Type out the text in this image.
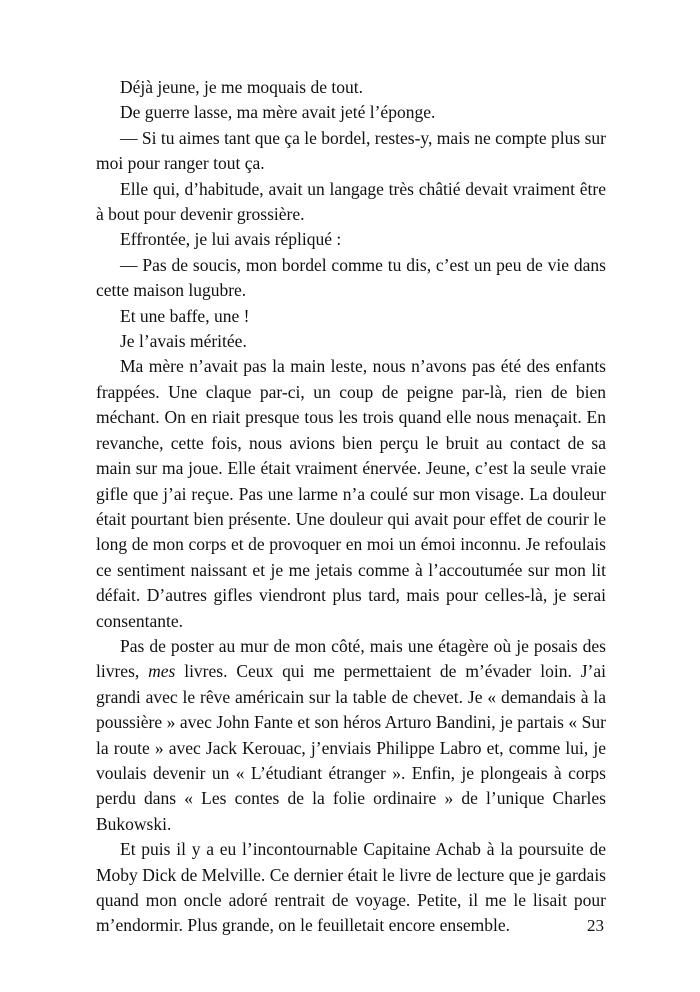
Déjà jeune, je me moquais de tout.

De guerre lasse, ma mère avait jeté l’éponge.

— Si tu aimes tant que ça le bordel, restes-y, mais ne compte plus sur moi pour ranger tout ça.

Elle qui, d’habitude, avait un langage très châtié devait vraiment être à bout pour devenir grossière.

Effrontée, je lui avais répliqué :

— Pas de soucis, mon bordel comme tu dis, c’est un peu de vie dans cette maison lugubre.

Et une baffe, une !

Je l’avais méritée.

Ma mère n’avait pas la main leste, nous n’avons pas été des enfants frappées. Une claque par-ci, un coup de peigne par-là, rien de bien méchant. On en riait presque tous les trois quand elle nous menaçait. En revanche, cette fois, nous avions bien perçu le bruit au contact de sa main sur ma joue. Elle était vraiment énervée. Jeune, c’est la seule vraie gifle que j’ai reçue. Pas une larme n’a coulé sur mon visage. La douleur était pourtant bien présente. Une douleur qui avait pour effet de courir le long de mon corps et de provoquer en moi un émoi inconnu. Je refoulais ce sentiment naissant et je me jetais comme à l’accoutumée sur mon lit défait. D’autres gifles viendront plus tard, mais pour celles-là, je serai consentante.

Pas de poster au mur de mon côté, mais une étagère où je posais des livres, mes livres. Ceux qui me permettaient de m’évader loin. J’ai grandi avec le rêve américain sur la table de chevet. Je « demandais à la poussière » avec John Fante et son héros Arturo Bandini, je partais « Sur la route » avec Jack Kerouac, j’enviais Philippe Labro et, comme lui, je voulais devenir un « L’étudiant étranger ». Enfin, je plongeais à corps perdu dans « Les contes de la folie ordinaire » de l’unique Charles Bukowski.

Et puis il y a eu l’incontournable Capitaine Achab à la poursuite de Moby Dick de Melville. Ce dernier était le livre de lecture que je gardais quand mon oncle adoré rentrait de voyage. Petite, il me le lisait pour m’endormir. Plus grande, on le feuilletait encore ensemble.	23
